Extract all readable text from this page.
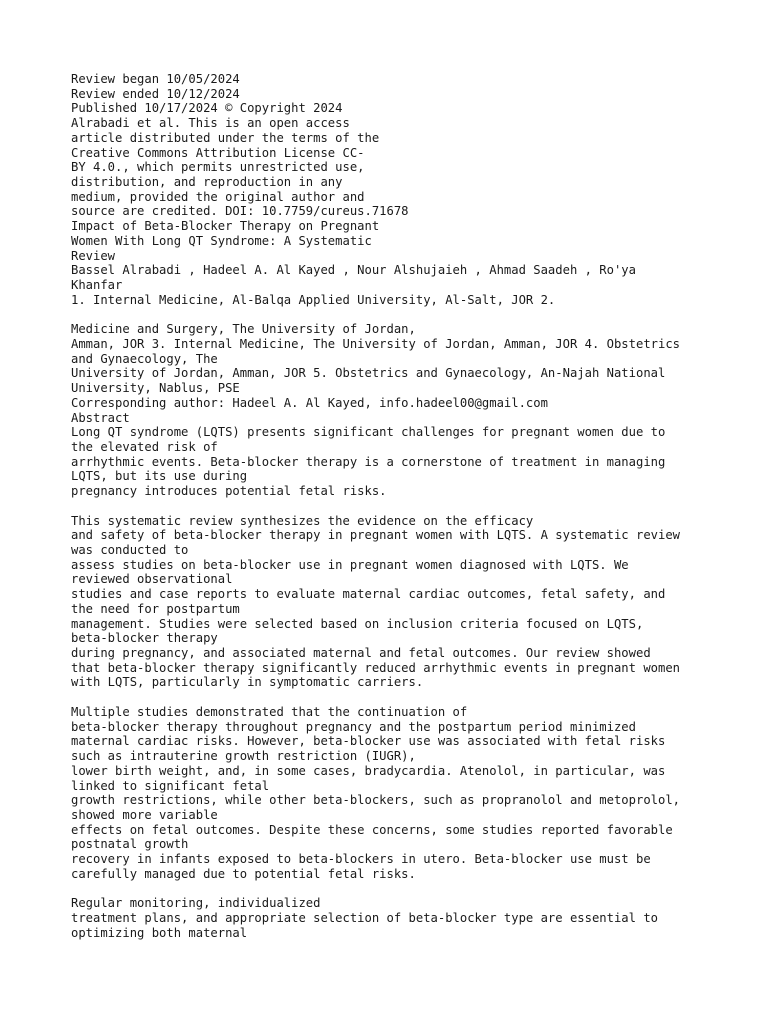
Review began 10/05/2024
Review ended 10/12/2024
Published 10/17/2024 © Copyright 2024
Alrabadi et al. This is an open access
article distributed under the terms of the
Creative Commons Attribution License CC-
BY 4.0., which permits unrestricted use,
distribution, and reproduction in any
medium, provided the original author and
source are credited. DOI: 10.7759/cureus.71678
Impact of Beta-Blocker Therapy on Pregnant
Women With Long QT Syndrome: A Systematic
Review
Bassel Alrabadi , Hadeel A. Al Kayed , Nour Alshujaieh , Ahmad Saadeh , Ro'ya
Khanfar
1. Internal Medicine, Al-Balqa Applied University, Al-Salt, JOR 2.
Medicine and Surgery, The University of Jordan,
Amman, JOR 3. Internal Medicine, The University of Jordan, Amman, JOR 4. Obstetrics
and Gynaecology, The
University of Jordan, Amman, JOR 5. Obstetrics and Gynaecology, An-Najah National
University, Nablus, PSE
Corresponding author: Hadeel A. Al Kayed, info.hadeel00@gmail.com
Abstract
Long QT syndrome (LQTS) presents significant challenges for pregnant women due to
the elevated risk of
arrhythmic events. Beta-blocker therapy is a cornerstone of treatment in managing
LQTS, but its use during
pregnancy introduces potential fetal risks.
This systematic review synthesizes the evidence on the efficacy
and safety of beta-blocker therapy in pregnant women with LQTS. A systematic review
was conducted to
assess studies on beta-blocker use in pregnant women diagnosed with LQTS. We
reviewed observational
studies and case reports to evaluate maternal cardiac outcomes, fetal safety, and
the need for postpartum
management. Studies were selected based on inclusion criteria focused on LQTS,
beta-blocker therapy
during pregnancy, and associated maternal and fetal outcomes. Our review showed
that beta-blocker therapy significantly reduced arrhythmic events in pregnant women
with LQTS, particularly in symptomatic carriers.
Multiple studies demonstrated that the continuation of
beta-blocker therapy throughout pregnancy and the postpartum period minimized
maternal cardiac risks. However, beta-blocker use was associated with fetal risks
such as intrauterine growth restriction (IUGR),
lower birth weight, and, in some cases, bradycardia. Atenolol, in particular, was
linked to significant fetal
growth restrictions, while other beta-blockers, such as propranolol and metoprolol,
showed more variable
effects on fetal outcomes. Despite these concerns, some studies reported favorable
postnatal growth
recovery in infants exposed to beta-blockers in utero. Beta-blocker use must be
carefully managed due to potential fetal risks.
Regular monitoring, individualized
treatment plans, and appropriate selection of beta-blocker type are essential to
optimizing both maternal
